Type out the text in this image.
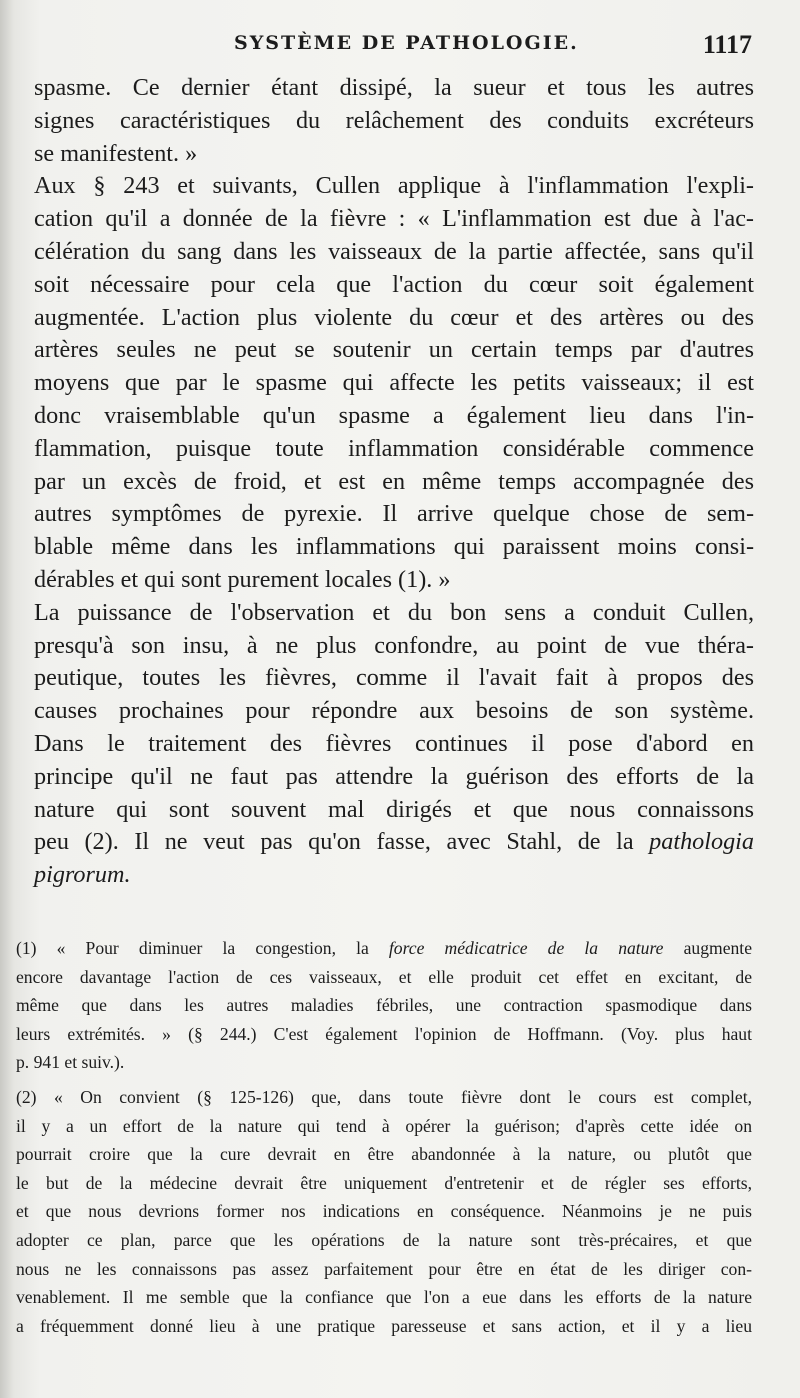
SYSTÈME DE PATHOLOGIE.	1117
spasme. Ce dernier étant dissipé, la sueur et tous les autres
signes caractéristiques du relâchement des conduits excréteurs
se manifestent. »
Aux § 243 et suivants, Cullen applique à l'inflammation l'expli-
cation qu'il a donnée de la fièvre : « L'inflammation est due à l'ac-
célération du sang dans les vaisseaux de la partie affectée, sans qu'il
soit nécessaire pour cela que l'action du cœur soit également
augmentée. L'action plus violente du cœur et des artères ou des
artères seules ne peut se soutenir un certain temps par d'autres
moyens que par le spasme qui affecte les petits vaisseaux; il est
donc vraisemblable qu'un spasme a également lieu dans l'in-
flammation, puisque toute inflammation considérable commence
par un excès de froid, et est en même temps accompagnée des
autres symptômes de pyrexie. Il arrive quelque chose de sem-
blable même dans les inflammations qui paraissent moins consi-
dérables et qui sont purement locales (1). »
La puissance de l'observation et du bon sens a conduit Cullen,
presqu'à son insu, à ne plus confondre, au point de vue théra-
peutique, toutes les fièvres, comme il l'avait fait à propos des
causes prochaines pour répondre aux besoins de son système.
Dans le traitement des fièvres continues il pose d'abord en
principe qu'il ne faut pas attendre la guérison des efforts de la
nature qui sont souvent mal dirigés et que nous connaissons
peu (2). Il ne veut pas qu'on fasse, avec Stahl, de la pathologia
pigrorum.
(1) « Pour diminuer la congestion, la force médicatrice de la nature augmente
encore davantage l'action de ces vaisseaux, et elle produit cet effet en excitant, de
même que dans les autres maladies fébriles, une contraction spasmodique dans
leurs extrémités. » (§ 244.) C'est également l'opinion de Hoffmann. (Voy. plus haut
p. 941 et suiv.).
(2) « On convient (§ 125-126) que, dans toute fièvre dont le cours est complet,
il y a un effort de la nature qui tend à opérer la guérison; d'après cette idée on
pourrait croire que la cure devrait en être abandonnée à la nature, ou plutôt que
le but de la médecine devrait être uniquement d'entretenir et de régler ses efforts,
et que nous devrions former nos indications en conséquence. Néanmoins je ne puis
adopter ce plan, parce que les opérations de la nature sont très-précaires, et que
nous ne les connaissons pas assez parfaitement pour être en état de les diriger con-
venablement. Il me semble que la confiance que l'on a eue dans les efforts de la nature
a fréquemment donné lieu à une pratique paresseuse et sans action, et il y a lieu
